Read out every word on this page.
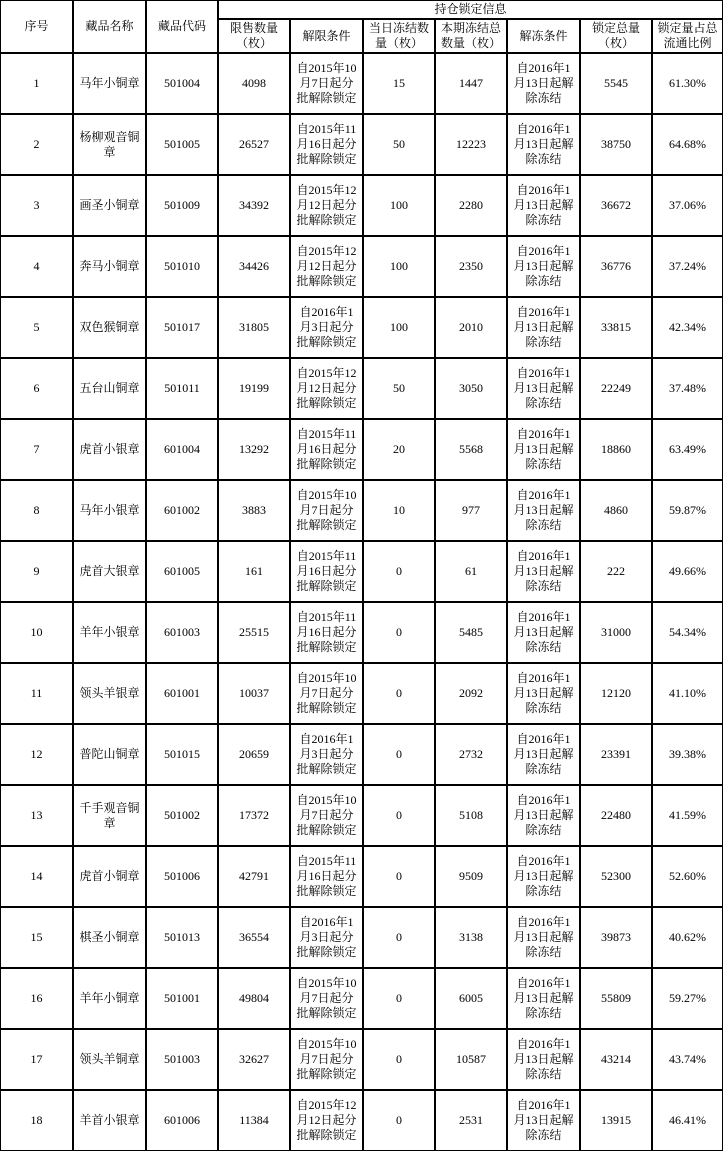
序号	藏品名称	藏品代码	持仓锁定信息						
			限售数量（枚）	解限条件	当日冻结数量（枚）	本期冻结总数量（枚）	解冻条件	锁定总量（枚）	锁定量占总流通比例
1	马年小铜章	501004	4098	自2015年10月7日起分批解除锁定	15	1447	自2016年1月13日起解除冻结	5545	61.30%
2	杨柳观音铜章	501005	26527	自2015年11月16日起分批解除锁定	50	12223	自2016年1月13日起解除冻结	38750	64.68%
3	画圣小铜章	501009	34392	自2015年12月12日起分批解除锁定	100	2280	自2016年1月13日起解除冻结	36672	37.06%
4	奔马小铜章	501010	34426	自2015年12月12日起分批解除锁定	100	2350	自2016年1月13日起解除冻结	36776	37.24%
5	双色猴铜章	501017	31805	自2016年1月3日起分批解除锁定	100	2010	自2016年1月13日起解除冻结	33815	42.34%
6	五台山铜章	501011	19199	自2015年12月12日起分批解除锁定	50	3050	自2016年1月13日起解除冻结	22249	37.48%
7	虎首小银章	601004	13292	自2015年11月16日起分批解除锁定	20	5568	自2016年1月13日起解除冻结	18860	63.49%
8	马年小银章	601002	3883	自2015年10月7日起分批解除锁定	10	977	自2016年1月13日起解除冻结	4860	59.87%
9	虎首大银章	601005	161	自2015年11月16日起分批解除锁定	0	61	自2016年1月13日起解除冻结	222	49.66%
10	羊年小银章	601003	25515	自2015年11月16日起分批解除锁定	0	5485	自2016年1月13日起解除冻结	31000	54.34%
11	领头羊银章	601001	10037	自2015年10月7日起分批解除锁定	0	2092	自2016年1月13日起解除冻结	12120	41.10%
12	普陀山铜章	501015	20659	自2016年1月3日起分批解除锁定	0	2732	自2016年1月13日起解除冻结	23391	39.38%
13	千手观音铜章	501002	17372	自2015年10月7日起分批解除锁定	0	5108	自2016年1月13日起解除冻结	22480	41.59%
14	虎首小铜章	501006	42791	自2015年11月16日起分批解除锁定	0	9509	自2016年1月13日起解除冻结	52300	52.60%
15	棋圣小铜章	501013	36554	自2016年1月3日起分批解除锁定	0	3138	自2016年1月13日起解除冻结	39873	40.62%
16	羊年小铜章	501001	49804	自2015年10月7日起分批解除锁定	0	6005	自2016年1月13日起解除冻结	55809	59.27%
17	领头羊铜章	501003	32627	自2015年10月7日起分批解除锁定	0	10587	自2016年1月13日起解除冻结	43214	43.74%
18	羊首小银章	601006	11384	自2015年12月12日起分批解除锁定	0	2531	自2016年1月13日起解除冻结	13915	46.41%
